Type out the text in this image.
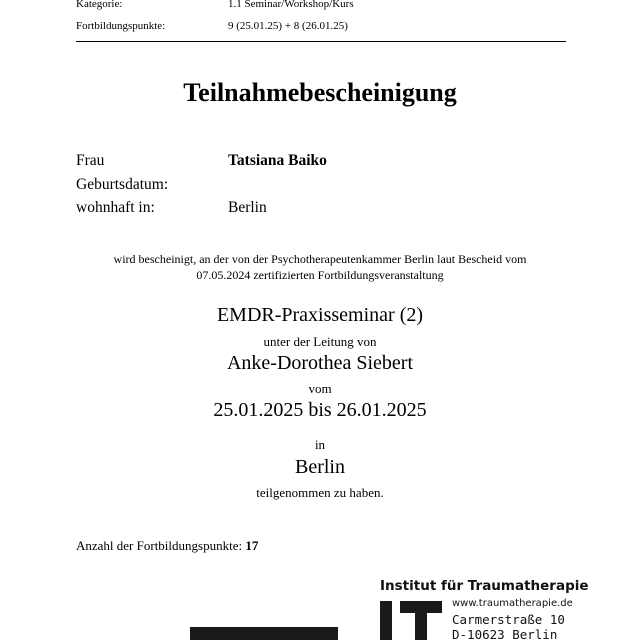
Kategorie:	1.1 Seminar/Workshop/Kurs
Fortbildungspunkte:	9 (25.01.25) + 8 (26.01.25)
Teilnahmebescheinigung
Frau	Tatsiana Baiko
Geburtsdatum:
wohnhaft in:	Berlin
wird bescheinigt, an der von der Psychotherapeutenkammer Berlin laut Bescheid vom
07.05.2024 zertifizierten Fortbildungsveranstaltung
EMDR-Praxisseminar (2)
unter der Leitung von
Anke-Dorothea Siebert
vom
25.01.2025 bis 26.01.2025
in
Berlin
teilgenommen zu haben.
Anzahl der Fortbildungspunkte: 17
Institut für Traumatherapie
www.traumatherapie.de
Carmerstraße 10
D-10623 Berlin
